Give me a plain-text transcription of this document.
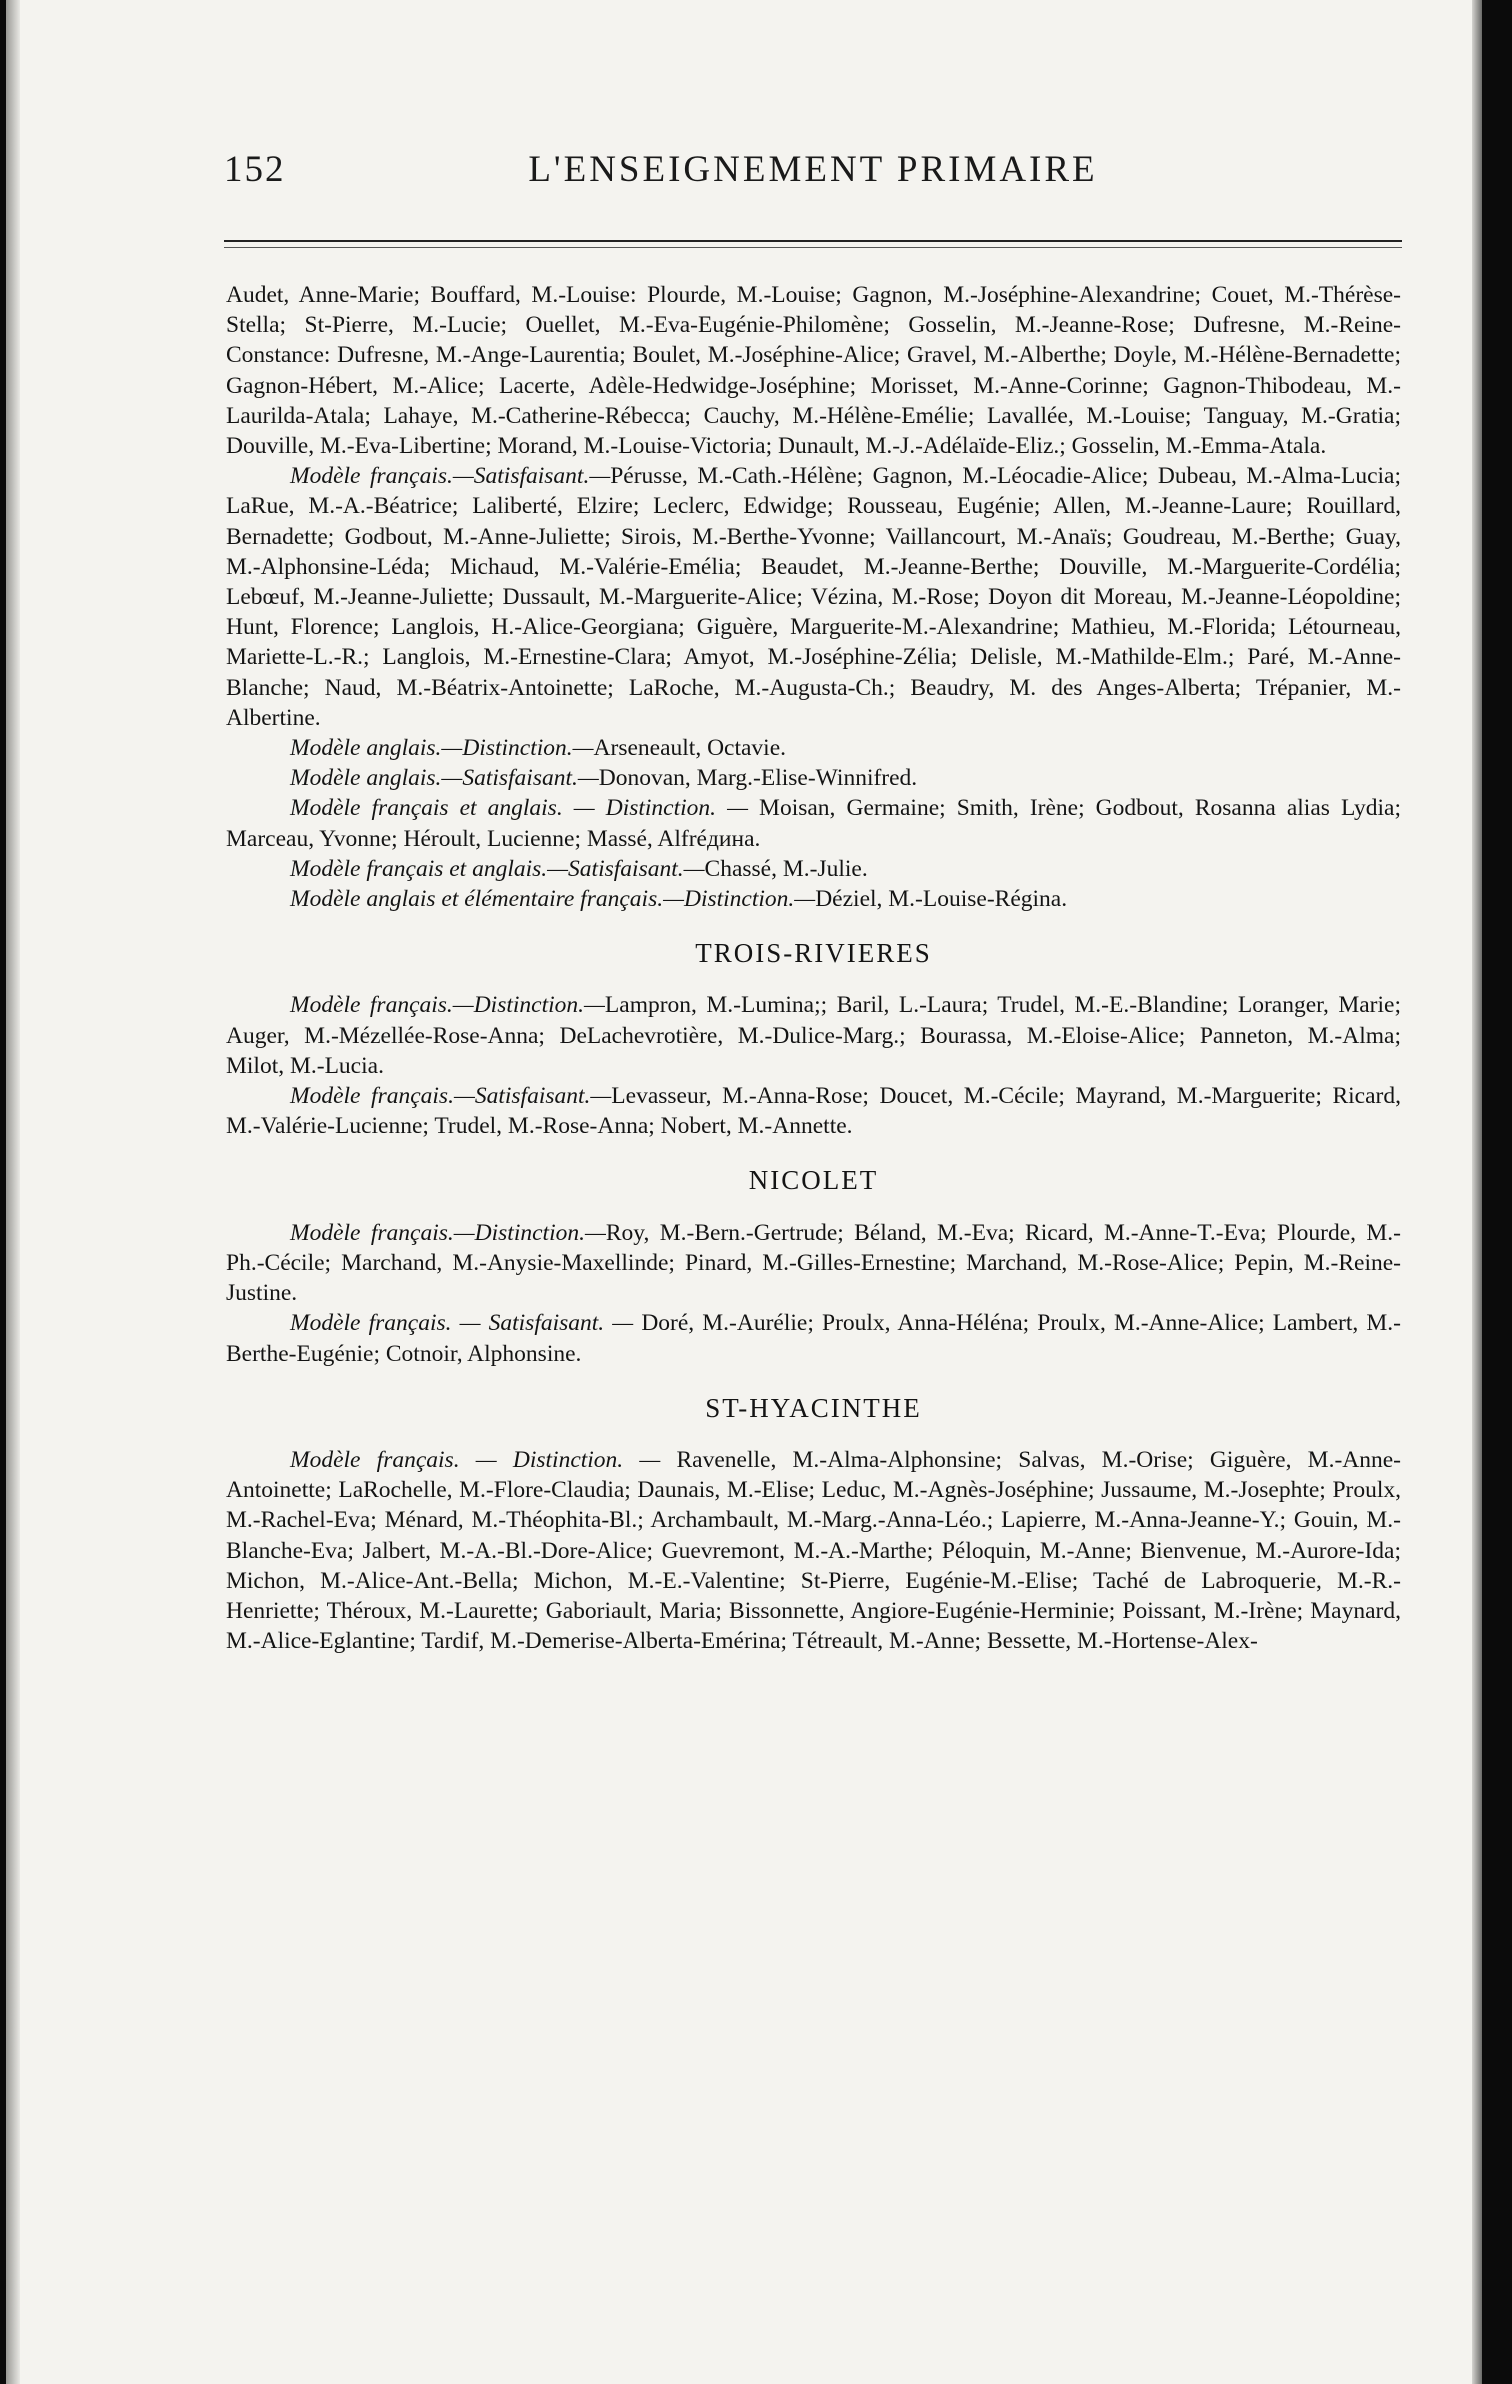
152	L'ENSEIGNEMENT PRIMAIRE

Audet, Anne-Marie; Bouffard, M.-Louise: Plourde, M.-Louise; Gagnon, M.-Joséphine-Alexandrine; Couet, M.-Thérèse-Stella; St-Pierre, M.-Lucie; Ouellet, M.-Eva-Eugénie-Philomène; Gosselin, M.-Jeanne-Rose; Dufresne, M.-Reine-Constance: Dufresne, M.-Ange-Laurentia; Boulet, M.-Joséphine-Alice; Gravel, M.-Alberthe; Doyle, M.-Hélène-Bernadette; Gagnon-Hébert, M.-Alice; Lacerte, Adèle-Hedwidge-Joséphine; Morisset, M.-Anne-Corinne; Gagnon-Thibodeau, M.-Laurilda-Atala; Lahaye, M.-Catherine-Rébecca; Cauchy, M.-Hélène-Emélie; Lavallée, M.-Louise; Tanguay, M.-Gratia; Douville, M.-Eva-Libertine; Morand, M.-Louise-Victoria; Dunault, M.-J.-Adélaïde-Eliz.; Gosselin, M.-Emma-Atala.

Modèle français.—Satisfaisant.—Pérusse, M.-Cath.-Hélène; Gagnon, M.-Léocadie-Alice; Dubeau, M.-Alma-Lucia; LaRue, M.-A.-Béatrice; Laliberté, Elzire; Leclerc, Edwidge; Rousseau, Eugénie; Allen, M.-Jeanne-Laure; Rouillard, Bernadette; Godbout, M.-Anne-Juliette; Sirois, M.-Berthe-Yvonne; Vaillancourt, M.-Anaïs; Goudreau, M.-Berthe; Guay, M.-Alphonsine-Léda; Michaud, M.-Valérie-Emélia; Beaudet, M.-Jeanne-Berthe; Douville, M.-Marguerite-Cordélia; Lebœuf, M.-Jeanne-Juliette; Dussault, M.-Marguerite-Alice; Vézina, M.-Rose; Doyon dit Moreau, M.-Jeanne-Léopoldine; Hunt, Florence; Langlois, H.-Alice-Georgiana; Giguère, Marguerite-M.-Alexandrine; Mathieu, M.-Florida; Létourneau, Mariette-L.-R.; Langlois, M.-Ernestine-Clara; Amyot, M.-Joséphine-Zélia; Delisle, M.-Mathilde-Elm.; Paré, M.-Anne-Blanche; Naud, M.-Béatrix-Antoinette; LaRoche, M.-Augusta-Ch.; Beaudry, M. des Anges-Alberta; Trépanier, M.-Albertine.

Modèle anglais.—Distinction.—Arseneault, Octavie.

Modèle anglais.—Satisfaisant.—Donovan, Marg.-Elise-Winnifred.

Modèle français et anglais. — Distinction. — Moisan, Germaine; Smith, Irène; Godbout, Rosanna alias Lydia; Marceau, Yvonne; Héroult, Lucienne; Massé, Alfréдина.

Modèle français et anglais.—Satisfaisant.—Chassé, M.-Julie.

Modèle anglais et élémentaire français.—Distinction.—Déziel, M.-Louise-Régina.

TROIS-RIVIERES

Modèle français.—Distinction.—Lampron, M.-Lumina;; Baril, L.-Laura; Trudel, M.-E.-Blandine; Loranger, Marie; Auger, M.-Mézellée-Rose-Anna; DeLachevrotière, M.-Dulice-Marg.; Bourassa, M.-Eloise-Alice; Panneton, M.-Alma; Milot, M.-Lucia.

Modèle français.—Satisfaisant.—Levasseur, M.-Anna-Rose; Doucet, M.-Cécile; Mayrand, M.-Marguerite; Ricard, M.-Valérie-Lucienne; Trudel, M.-Rose-Anna; Nobert, M.-Annette.

NICOLET

Modèle français.—Distinction.—Roy, M.-Bern.-Gertrude; Béland, M.-Eva; Ricard, M.-Anne-T.-Eva; Plourde, M.-Ph.-Cécile; Marchand, M.-Anysie-Maxellinde; Pinard, M.-Gilles-Ernestine; Marchand, M.-Rose-Alice; Pepin, M.-Reine-Justine.

Modèle français. — Satisfaisant. — Doré, M.-Aurélie; Proulx, Anna-Héléna; Proulx, M.-Anne-Alice; Lambert, M.-Berthe-Eugénie; Cotnoir, Alphonsine.

ST-HYACINTHE

Modèle français. — Distinction. — Ravenelle, M.-Alma-Alphonsine; Salvas, M.-Orise; Giguère, M.-Anne-Antoinette; LaRochelle, M.-Flore-Claudia; Daunais, M.-Elise; Leduc, M.-Agnès-Joséphine; Jussaume, M.-Josephte; Proulx, M.-Rachel-Eva; Ménard, M.-Théophita-Bl.; Archambault, M.-Marg.-Anna-Léo.; Lapierre, M.-Anna-Jeanne-Y.; Gouin, M.-Blanche-Eva; Jalbert, M.-A.-Bl.-Dore-Alice; Guevremont, M.-A.-Marthe; Péloquin, M.-Anne; Bienvenue, M.-Aurore-Ida; Michon, M.-Alice-Ant.-Bella; Michon, M.-E.-Valentine; St-Pierre, Eugénie-M.-Elise; Taché de Labroquerie, M.-R.-Henriette; Théroux, M.-Laurette; Gaboriault, Maria; Bissonnette, Angiore-Eugénie-Herminie; Poissant, M.-Irène; Maynard, M.-Alice-Eglantine; Tardif, M.-Demerise-Alberta-Emérina; Tétreault, M.-Anne; Bessette, M.-Hortense-Alex-
